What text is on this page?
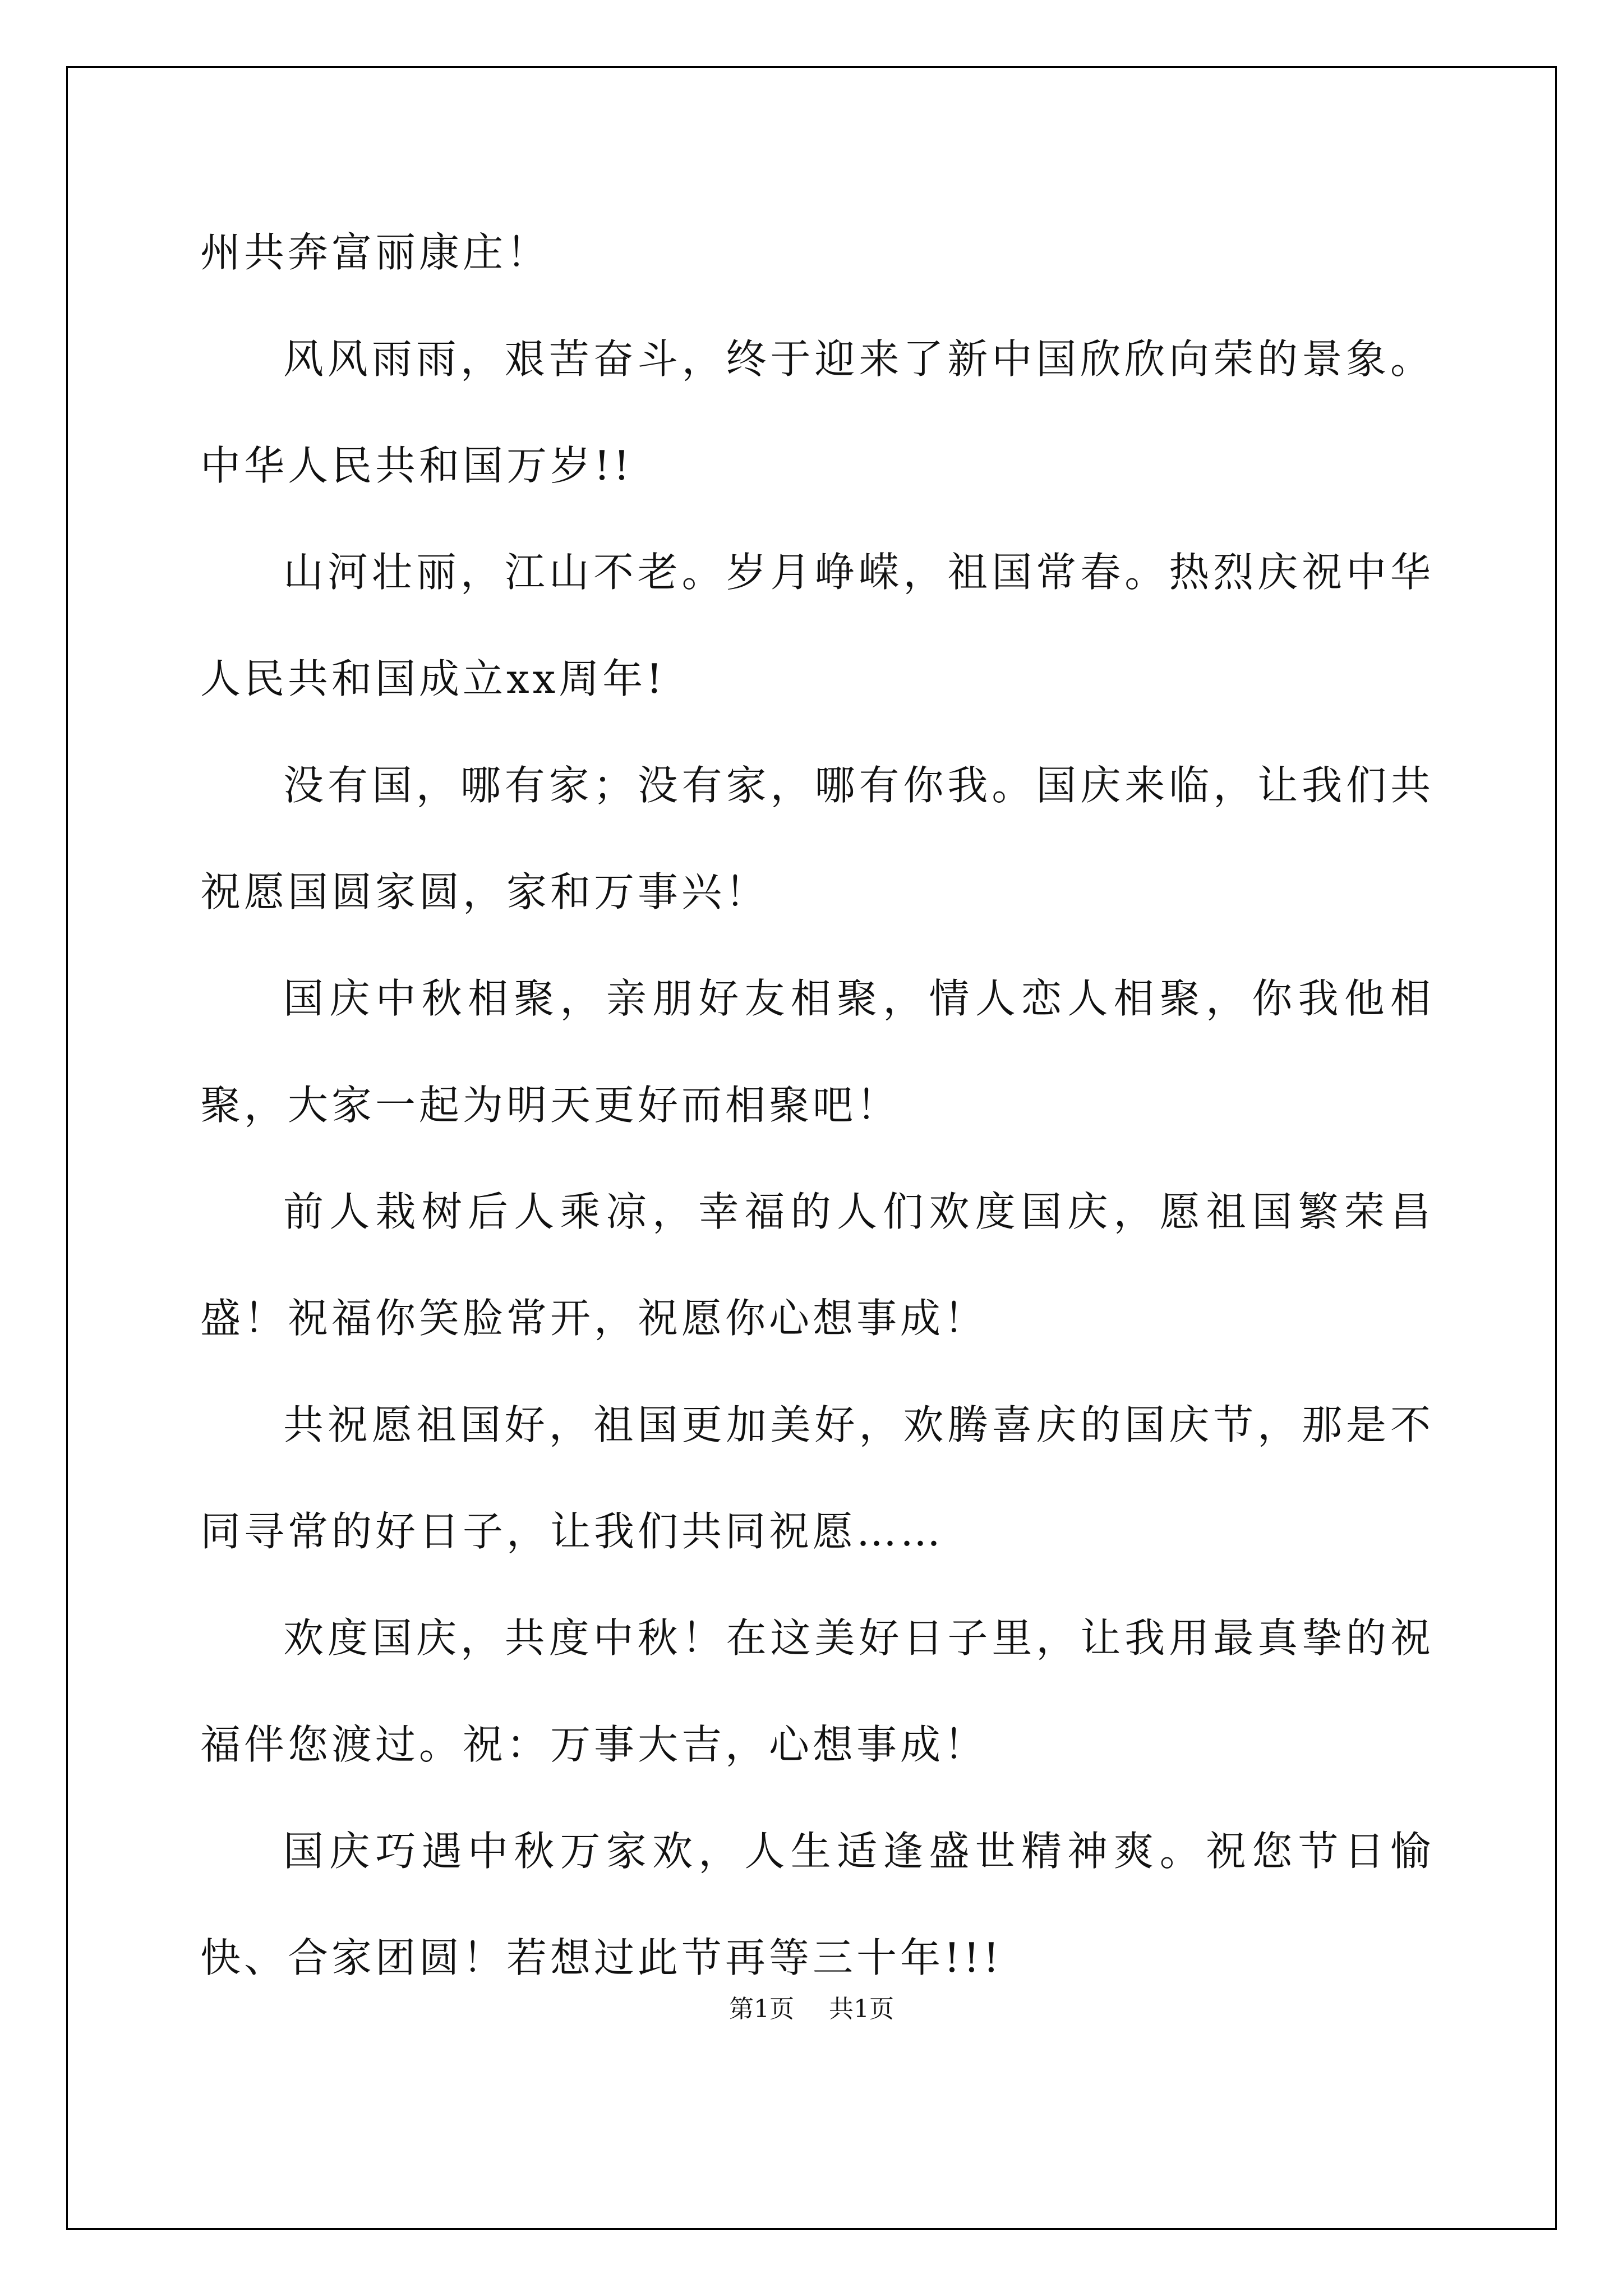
州共奔富丽康庄！

风风雨雨，艰苦奋斗，终于迎来了新中国欣欣向荣的景象。中华人民共和国万岁!!

山河壮丽，江山不老。岁月峥嵘，祖国常春。热烈庆祝中华人民共和国成立xx周年!

没有国，哪有家；没有家，哪有你我。国庆来临，让我们共祝愿国圆家圆，家和万事兴！

国庆中秋相聚，亲朋好友相聚，情人恋人相聚，你我他相聚，大家一起为明天更好而相聚吧！

前人栽树后人乘凉，幸福的人们欢度国庆，愿祖国繁荣昌盛！祝福你笑脸常开，祝愿你心想事成！

共祝愿祖国好，祖国更加美好，欢腾喜庆的国庆节，那是不同寻常的好日子，让我们共同祝愿……

欢度国庆，共度中秋！在这美好日子里，让我用最真挚的祝福伴您渡过。祝：万事大吉，心想事成！

国庆巧遇中秋万家欢，人生适逢盛世精神爽。祝您节日愉快、合家团圆！若想过此节再等三十年!!!

第1页 共1页
